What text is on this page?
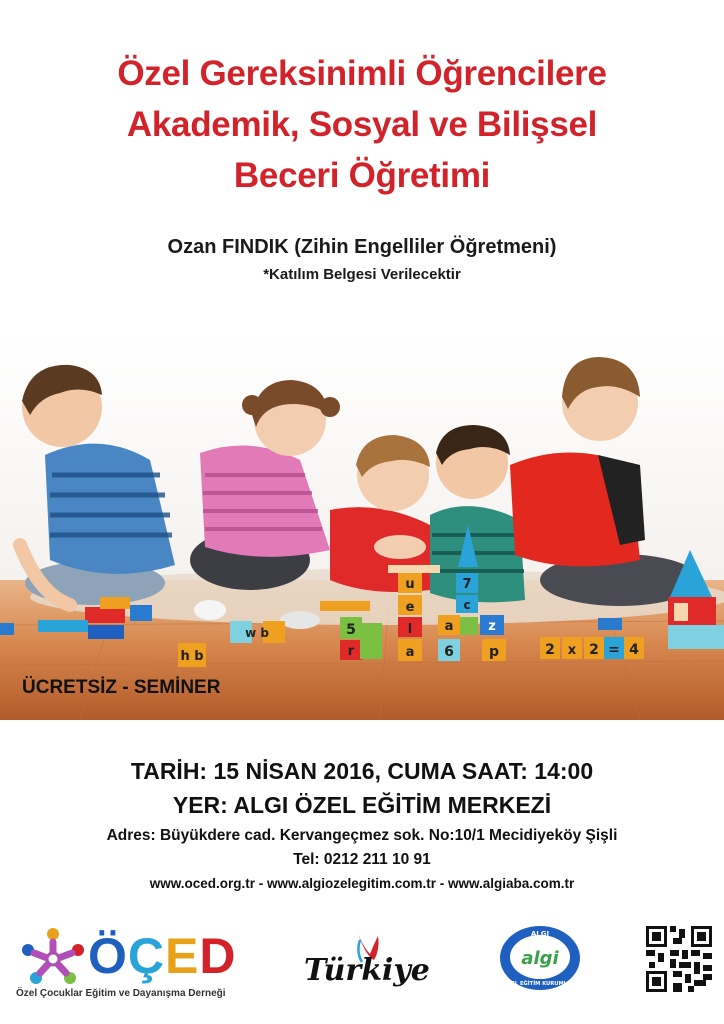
Özel Gereksinimli Öğrencilere
Akademik, Sosyal ve Bilişsel
Beceri Öğretimi
Ozan FINDIK (Zihin Engelliler Öğretmeni)
*Katılım Belgesi Verilecektir
h b
w b	5
r
u
e
l
a
7
c
a	z
6	p	2 x 2 = 4
ÜCRETSİZ - SEMİNER
TARİH: 15 NİSAN 2016, CUMA SAAT: 14:00
YER: ALGI ÖZEL EĞİTİM MERKEZİ
Adres: Büyükdere cad. Kervangeçmez sok. No:10/1 Mecidiyeköy Şişli
Tel: 0212 211 10 91
www.oced.org.tr - www.algiozelegitim.com.tr - www.algiaba.com.tr
ÖÇED
Özel Çocuklar Eğitim ve Dayanışma Derneği
Türkiye
ALGI
algi
ÖZEL EĞİTİM KURUMLARI
